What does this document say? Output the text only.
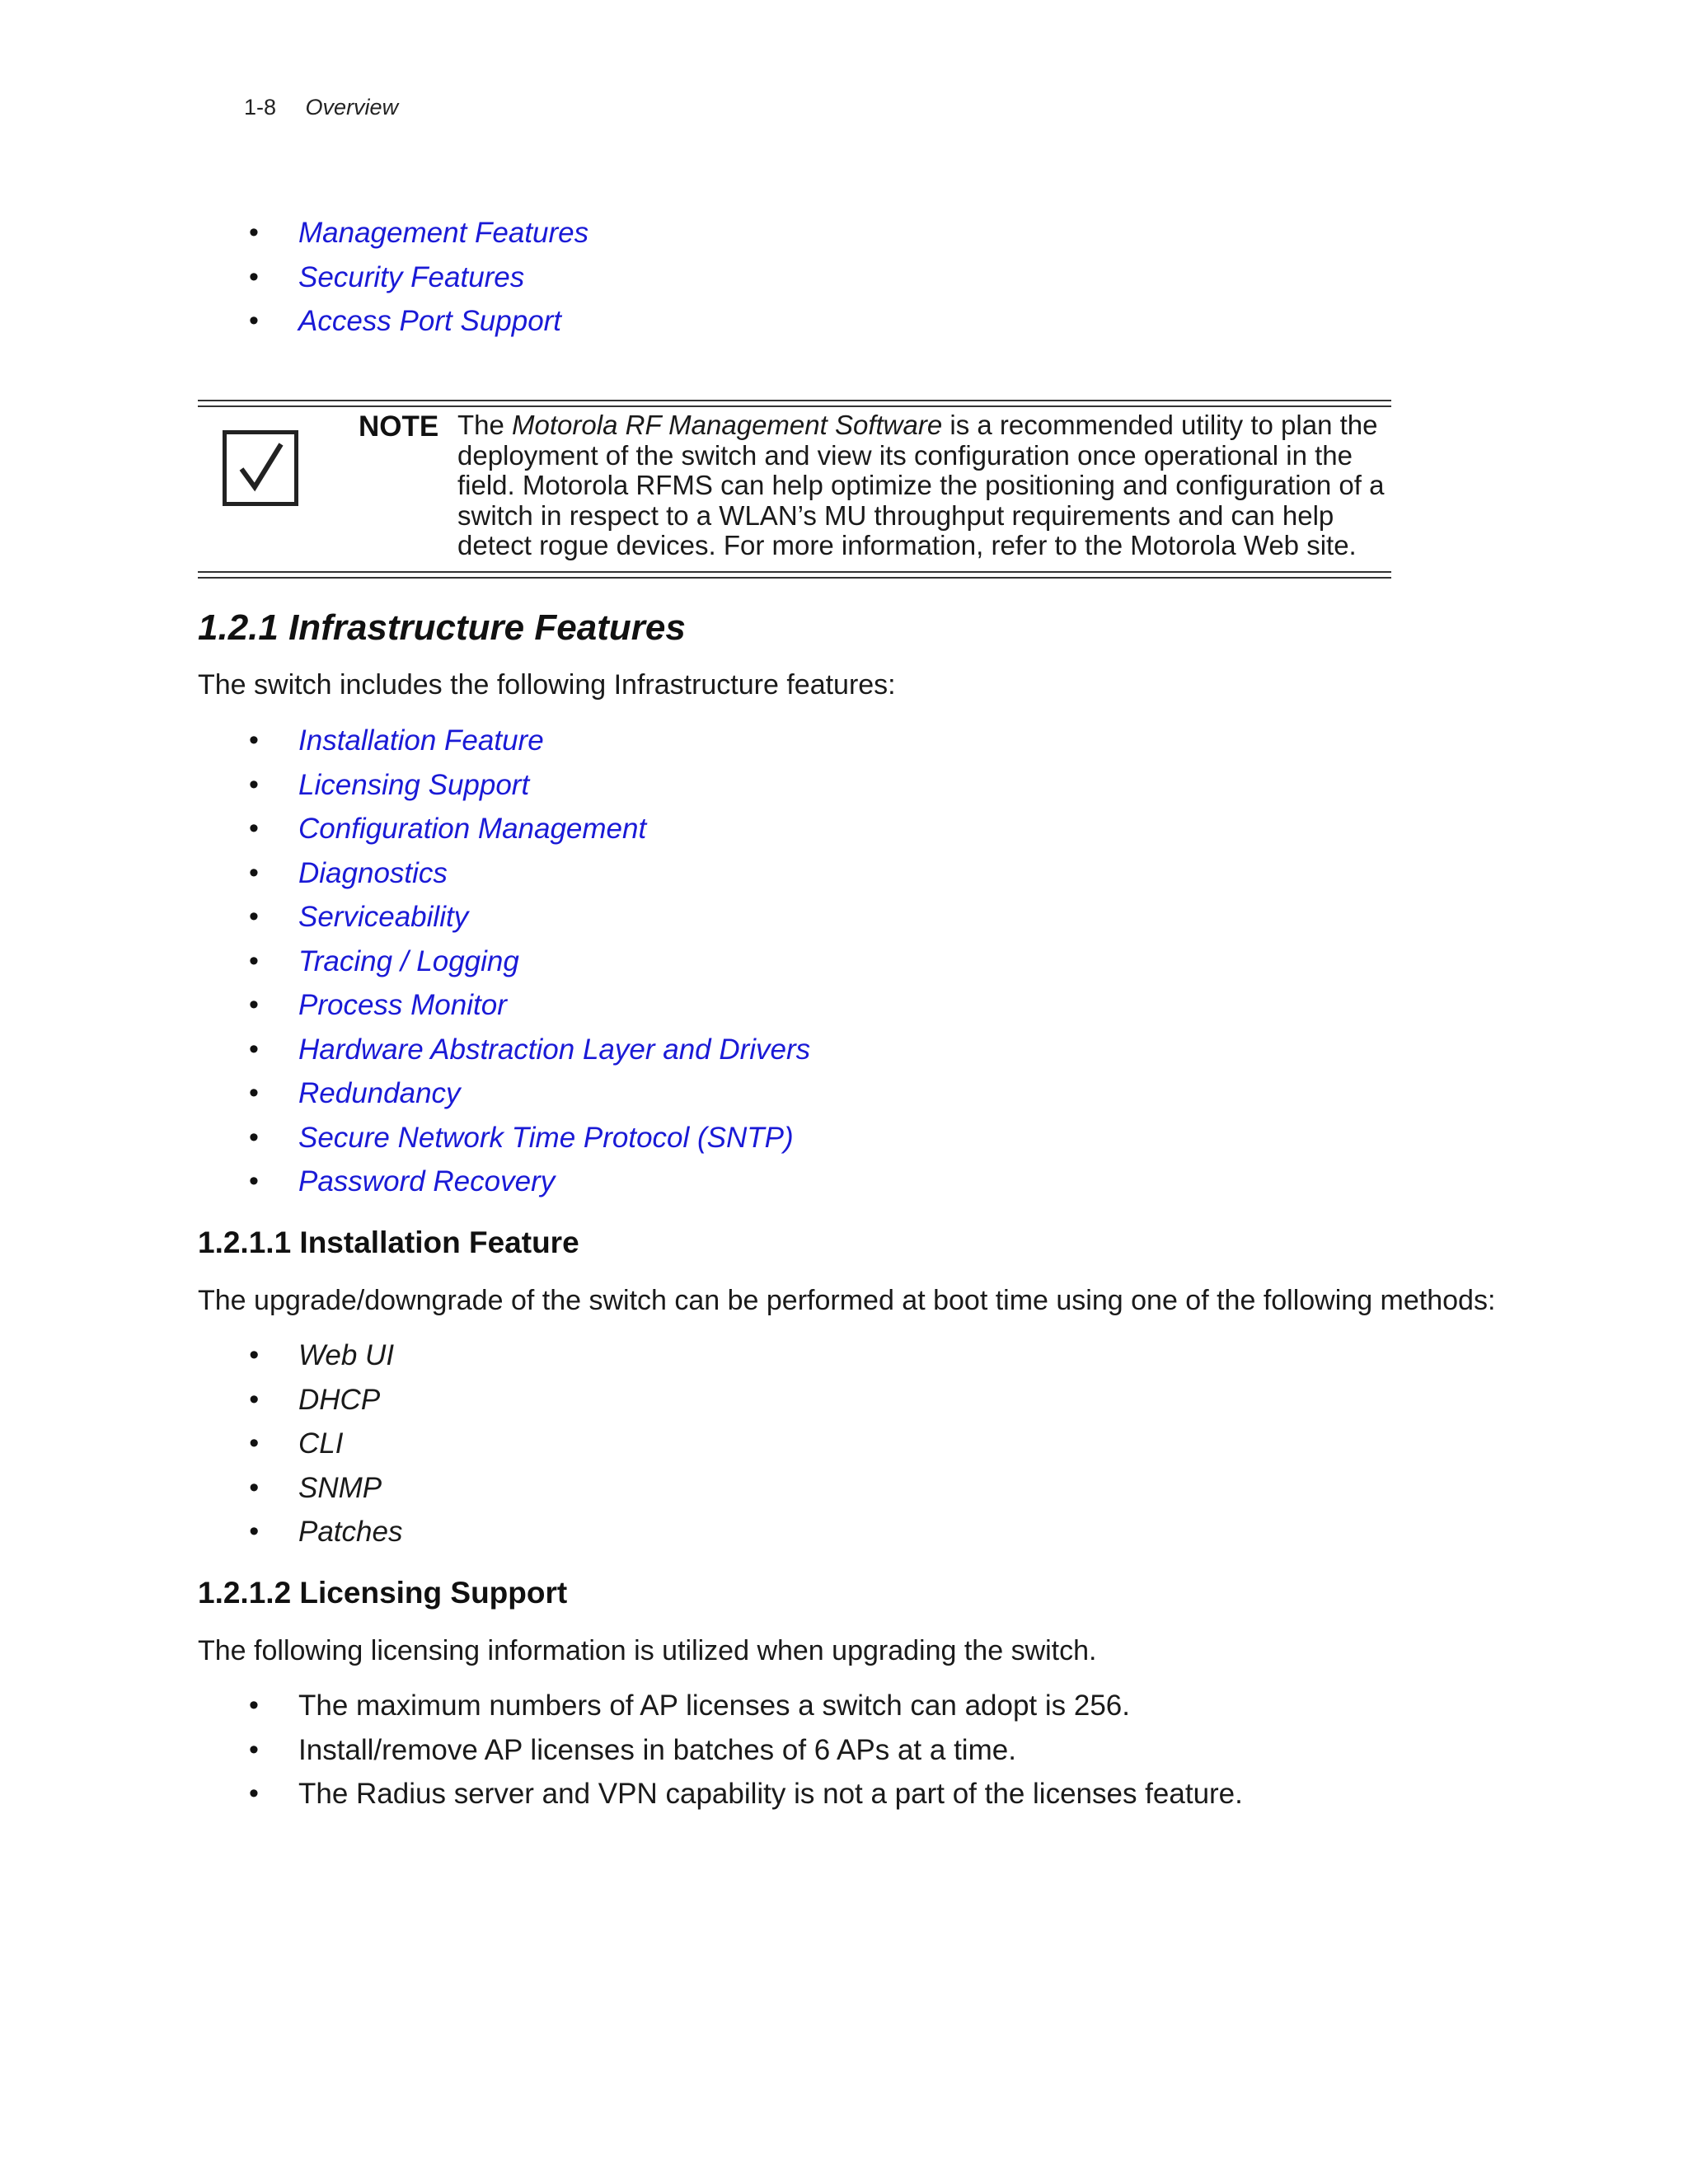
1-8 Overview
• Management Features
• Security Features
• Access Port Support
NOTE The Motorola RF Management Software is a recommended utility to plan the deployment of the switch and view its configuration once operational in the field. Motorola RFMS can help optimize the positioning and configuration of a switch in respect to a WLAN’s MU throughput requirements and can help detect rogue devices. For more information, refer to the Motorola Web site.
1.2.1 Infrastructure Features
The switch includes the following Infrastructure features:
• Installation Feature
• Licensing Support
• Configuration Management
• Diagnostics
• Serviceability
• Tracing / Logging
• Process Monitor
• Hardware Abstraction Layer and Drivers
• Redundancy
• Secure Network Time Protocol (SNTP)
• Password Recovery
1.2.1.1 Installation Feature
The upgrade/downgrade of the switch can be performed at boot time using one of the following methods:
• Web UI
• DHCP
• CLI
• SNMP
• Patches
1.2.1.2 Licensing Support
The following licensing information is utilized when upgrading the switch.
• The maximum numbers of AP licenses a switch can adopt is 256.
• Install/remove AP licenses in batches of 6 APs at a time.
• The Radius server and VPN capability is not a part of the licenses feature.
